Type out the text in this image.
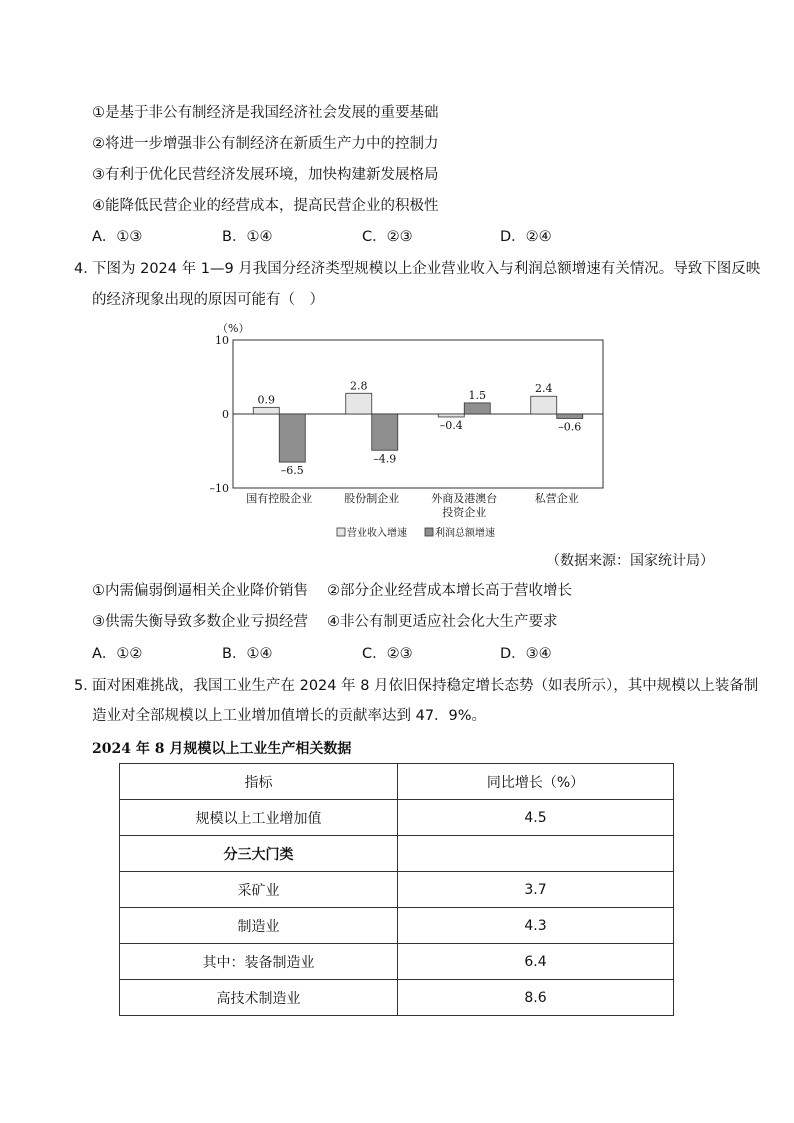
①是基于非公有制经济是我国经济社会发展的重要基础
②将进一步增强非公有制经济在新质生产力中的控制力
③有利于优化民营经济发展环境，加快构建新发展格局
④能降低民营企业的经营成本，提高民营企业的积极性
A．①③	B．①④	C．②③	D．②④
4．
下图为 2024 年 1—9 月我国分经济类型规模以上企业营业收入与利润总额增速有关情况。导致下图反映
的经济现象出现的原因可能有（　）
（%）
10
0
–10
0.9
–6.5
2.8
–4.9
–0.4
1.5
2.4
–0.6
国有控股企业	股份制企业	外商及港澳台
投资企业
私营企业
营业收入增速	利润总额增速
（数据来源：国家统计局）
①内需偏弱倒逼相关企业降价销售 ②部分企业经营成本增长高于营收增长
③供需失衡导致多数企业亏损经营 ④非公有制更适应社会化大生产要求
A．①②	B．①④	C．②③	D．③④
5．
面对困难挑战，我国工业生产在 2024 年 8 月依旧保持稳定增长态势（如表所示），其中规模以上装备制
造业对全部规模以上工业增加值增长的贡献率达到 47．9%。
2024 年 8 月规模以上工业生产相关数据
指标	同比增长（%）
规模以上工业增加值	4.5
分三大门类	
采矿业	3.7
制造业	4.3
其中：装备制造业	6.4
高技术制造业	8.6
